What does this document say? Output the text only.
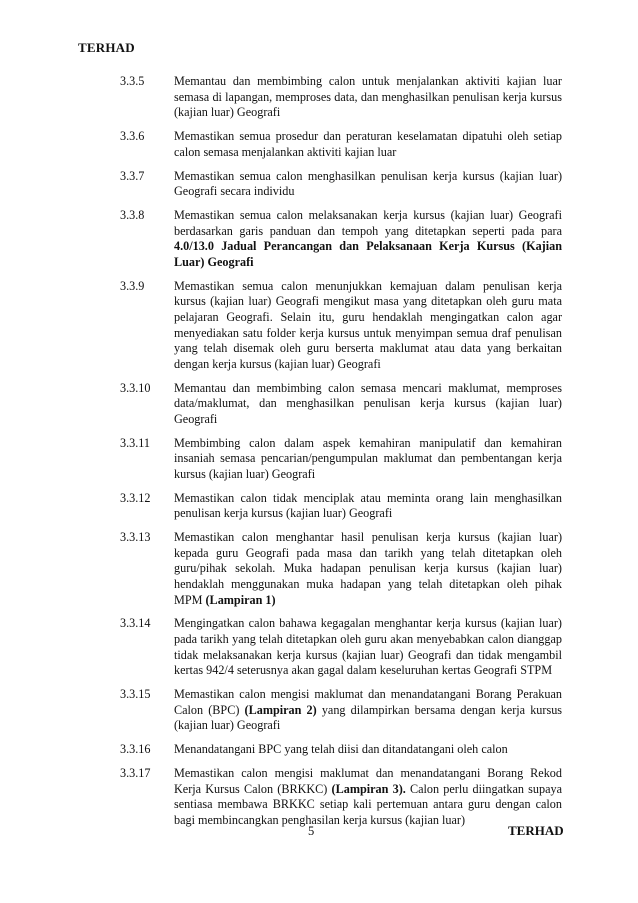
TERHAD
3.3.5	Memantau dan membimbing calon untuk menjalankan aktiviti kajian luar semasa di lapangan, memproses data, dan menghasilkan penulisan kerja kursus (kajian luar) Geografi
3.3.6	Memastikan semua prosedur dan peraturan keselamatan dipatuhi oleh setiap calon semasa menjalankan aktiviti kajian luar
3.3.7	Memastikan semua calon menghasilkan penulisan kerja kursus (kajian luar) Geografi secara individu
3.3.8	Memastikan semua calon melaksanakan kerja kursus (kajian luar) Geografi berdasarkan garis panduan dan tempoh yang ditetapkan seperti pada para 4.0/13.0 Jadual Perancangan dan Pelaksanaan Kerja Kursus (Kajian Luar) Geografi
3.3.9	Memastikan semua calon menunjukkan kemajuan dalam penulisan kerja kursus (kajian luar) Geografi mengikut masa yang ditetapkan oleh guru mata pelajaran Geografi. Selain itu, guru hendaklah mengingatkan calon agar menyediakan satu folder kerja kursus untuk menyimpan semua draf penulisan yang telah disemak oleh guru berserta maklumat atau data yang berkaitan dengan kerja kursus (kajian luar) Geografi
3.3.10	Memantau dan membimbing calon semasa mencari maklumat, memproses data/maklumat, dan menghasilkan penulisan kerja kursus (kajian luar) Geografi
3.3.11	Membimbing calon dalam aspek kemahiran manipulatif dan kemahiran insaniah semasa pencarian/pengumpulan maklumat dan pembentangan kerja kursus (kajian luar) Geografi
3.3.12	Memastikan calon tidak menciplak atau meminta orang lain menghasilkan penulisan kerja kursus (kajian luar) Geografi
3.3.13	Memastikan calon menghantar hasil penulisan kerja kursus (kajian luar) kepada guru Geografi pada masa dan tarikh yang telah ditetapkan oleh guru/pihak sekolah. Muka hadapan penulisan kerja kursus (kajian luar) hendaklah menggunakan muka hadapan yang telah ditetapkan oleh pihak MPM (Lampiran 1)
3.3.14	Mengingatkan calon bahawa kegagalan menghantar kerja kursus (kajian luar) pada tarikh yang telah ditetapkan oleh guru akan menyebabkan calon dianggap tidak melaksanakan kerja kursus (kajian luar) Geografi dan tidak mengambil kertas 942/4 seterusnya akan gagal dalam keseluruhan kertas Geografi STPM
3.3.15	Memastikan calon mengisi maklumat dan menandatangani Borang Perakuan Calon (BPC) (Lampiran 2) yang dilampirkan bersama dengan kerja kursus (kajian luar) Geografi
3.3.16	Menandatangani BPC yang telah diisi dan ditandatangani oleh calon
3.3.17	Memastikan calon mengisi maklumat dan menandatangani Borang Rekod Kerja Kursus Calon (BRKKC) (Lampiran 3). Calon perlu diingatkan supaya sentiasa membawa BRKKC setiap kali pertemuan antara guru dengan calon bagi membincangkan penghasilan kerja kursus (kajian luar)
5	TERHAD
